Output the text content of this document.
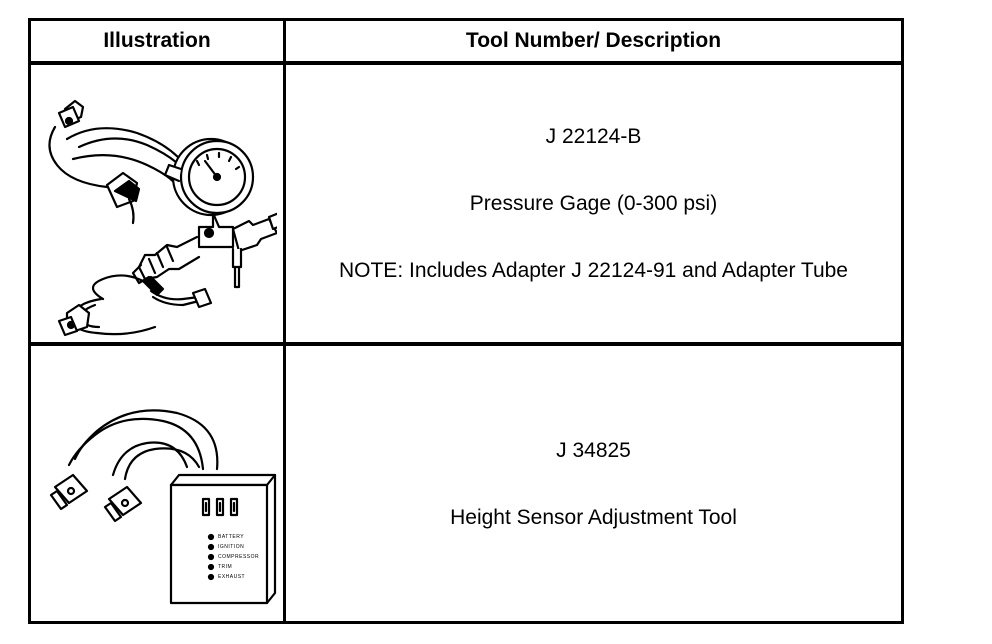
Illustration	Tool Number/ Description

J 22124-B

Pressure Gage (0-300 psi)

NOTE: Includes Adapter J 22124-91 and Adapter Tube

BATTERY
IGNITION
COMPRESSOR
TRIM
EXHAUST

J 34825

Height Sensor Adjustment Tool
